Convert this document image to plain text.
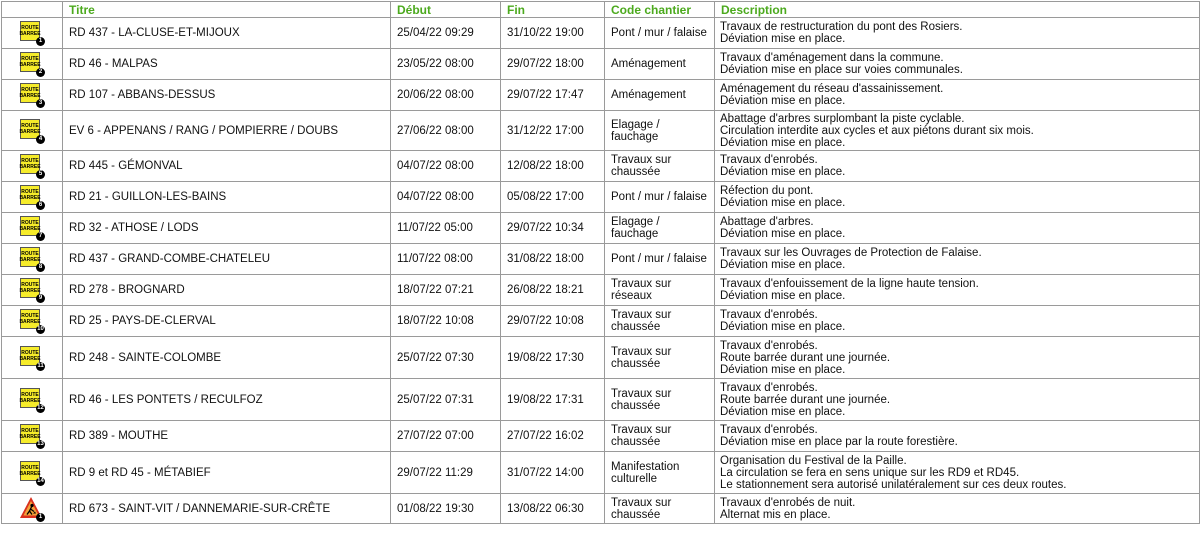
	Titre	Début	Fin	Code chantier	Description

ROUTE
BARREE
1	RD 437 - LA-CLUSE-ET-MIJOUX	25/04/22 09:29	31/10/22 19:00	Pont / mur / falaise	Travaux de restructuration du pont des Rosiers.
Déviation mise en place.

ROUTE
BARREE
2	RD 46 - MALPAS	23/05/22 08:00	29/07/22 18:00	Aménagement	Travaux d'aménagement dans la commune.
Déviation mise en place sur voies communales.

ROUTE
BARREE
3	RD 107 - ABBANS-DESSUS	20/06/22 08:00	29/07/22 17:47	Aménagement	Aménagement du réseau d'assainissement.
Déviation mise en place.

ROUTE
BARREE
4	EV 6 - APPENANS / RANG / POMPIERRE / DOUBS	27/06/22 08:00	31/12/22 17:00	Elagage /
fauchage	Abattage d'arbres surplombant la piste cyclable.
Circulation interdite aux cycles et aux piétons durant six mois.
Déviation mise en place.

ROUTE
BARREE
5	RD 445 - GÉMONVAL	04/07/22 08:00	12/08/22 18:00	Travaux sur
chaussée	Travaux d'enrobés.
Déviation mise en place.

ROUTE
BARREE
6	RD 21 - GUILLON-LES-BAINS	04/07/22 08:00	05/08/22 17:00	Pont / mur / falaise	Réfection du pont.
Déviation mise en place.

ROUTE
BARREE
7	RD 32 - ATHOSE / LODS	11/07/22 05:00	29/07/22 10:34	Elagage /
fauchage	Abattage d'arbres.
Déviation mise en place.

ROUTE
BARREE
8	RD 437 - GRAND-COMBE-CHATELEU	11/07/22 08:00	31/08/22 18:00	Pont / mur / falaise	Travaux sur les Ouvrages de Protection de Falaise.
Déviation mise en place.

ROUTE
BARREE
9	RD 278 - BROGNARD	18/07/22 07:21	26/08/22 18:21	Travaux sur
réseaux	Travaux d'enfouissement de la ligne haute tension.
Déviation mise en place.

ROUTE
BARREE
10	RD 25 - PAYS-DE-CLERVAL	18/07/22 10:08	29/07/22 10:08	Travaux sur
chaussée	Travaux d'enrobés.
Déviation mise en place.

ROUTE
BARREE
11	RD 248 - SAINTE-COLOMBE	25/07/22 07:30	19/08/22 17:30	Travaux sur
chaussée	Travaux d'enrobés.
Route barrée durant une journée.
Déviation mise en place.

ROUTE
BARREE
12	RD 46 - LES PONTETS / RECULFOZ	25/07/22 07:31	19/08/22 17:31	Travaux sur
chaussée	Travaux d'enrobés.
Route barrée durant une journée.
Déviation mise en place.

ROUTE
BARREE
13	RD 389 - MOUTHE	27/07/22 07:00	27/07/22 16:02	Travaux sur
chaussée	Travaux d'enrobés.
Déviation mise en place par la route forestière.

ROUTE
BARREE
14	RD 9 et RD 45 - MÉTABIEF	29/07/22 11:29	31/07/22 14:00	Manifestation
culturelle	Organisation du Festival de la Paille.
La circulation se fera en sens unique sur les RD9 et RD45.
Le stationnement sera autorisé unilatéralement sur ces deux routes.

1	RD 673 - SAINT-VIT / DANNEMARIE-SUR-CRÊTE	01/08/22 19:30	13/08/22 06:30	Travaux sur
chaussée	Travaux d'enrobés de nuit.
Alternat mis en place.
